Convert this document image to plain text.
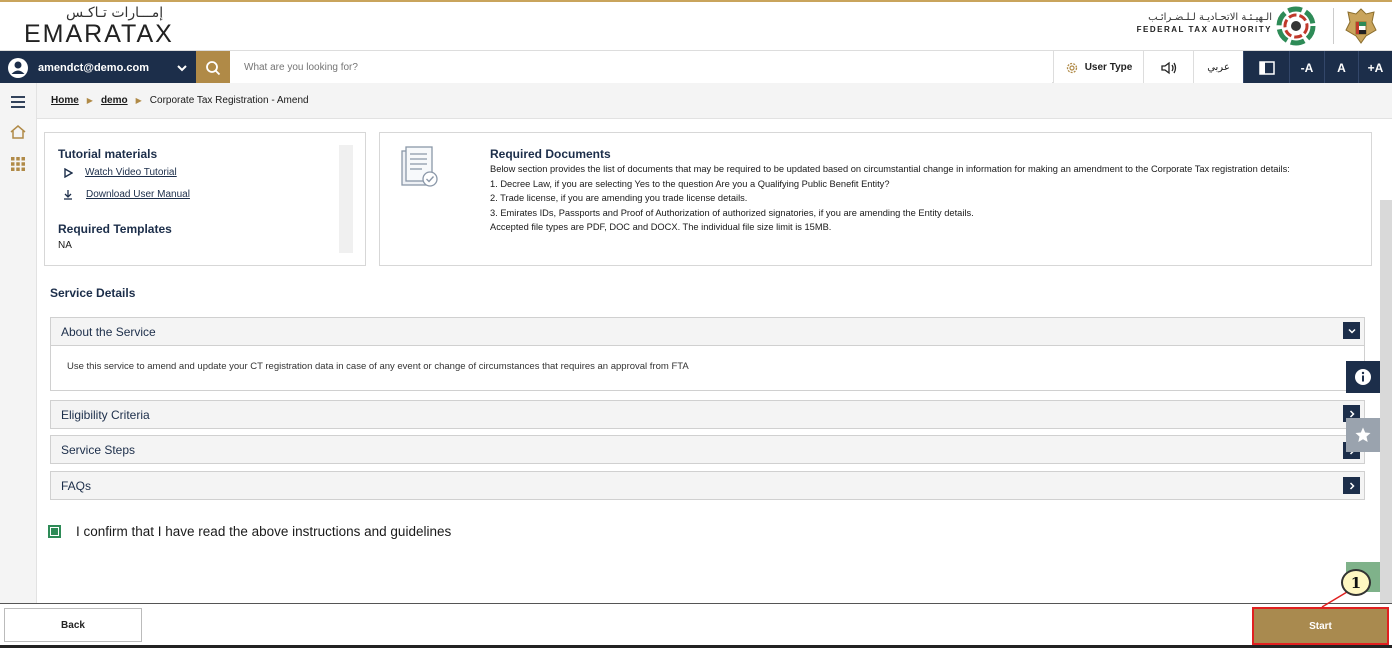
إمـــارات تـاكـس
EMARATAX
الـهيـئـة الاتحـاديـة لـلـضـرائـب
FEDERAL TAX AUTHORITY
amendct@demo.com
What are you looking for?	User Type	عربي	-A	A	+A
Home ▶ demo ▶ Corporate Tax Registration - Amend
Tutorial materials
Watch Video Tutorial
Download User Manual
Required Templates
NA
Required Documents
Below section provides the list of documents that may be required to be updated based on circumstantial change in information for making an amendment to the Corporate Tax registration details:
1. Decree Law, if you are selecting Yes to the question Are you a Qualifying Public Benefit Entity?
2. Trade license, if you are amending you trade license details.
3. Emirates IDs, Passports and Proof of Authorization of authorized signatories, if you are amending the Entity details.
Accepted file types are PDF, DOC and DOCX. The individual file size limit is 15MB.
Service Details
About the Service
Use this service to amend and update your CT registration data in case of any event or change of circumstances that requires an approval from FTA
Eligibility Criteria
Service Steps
FAQs
I confirm that I have read the above instructions and guidelines
Back	Start
1
